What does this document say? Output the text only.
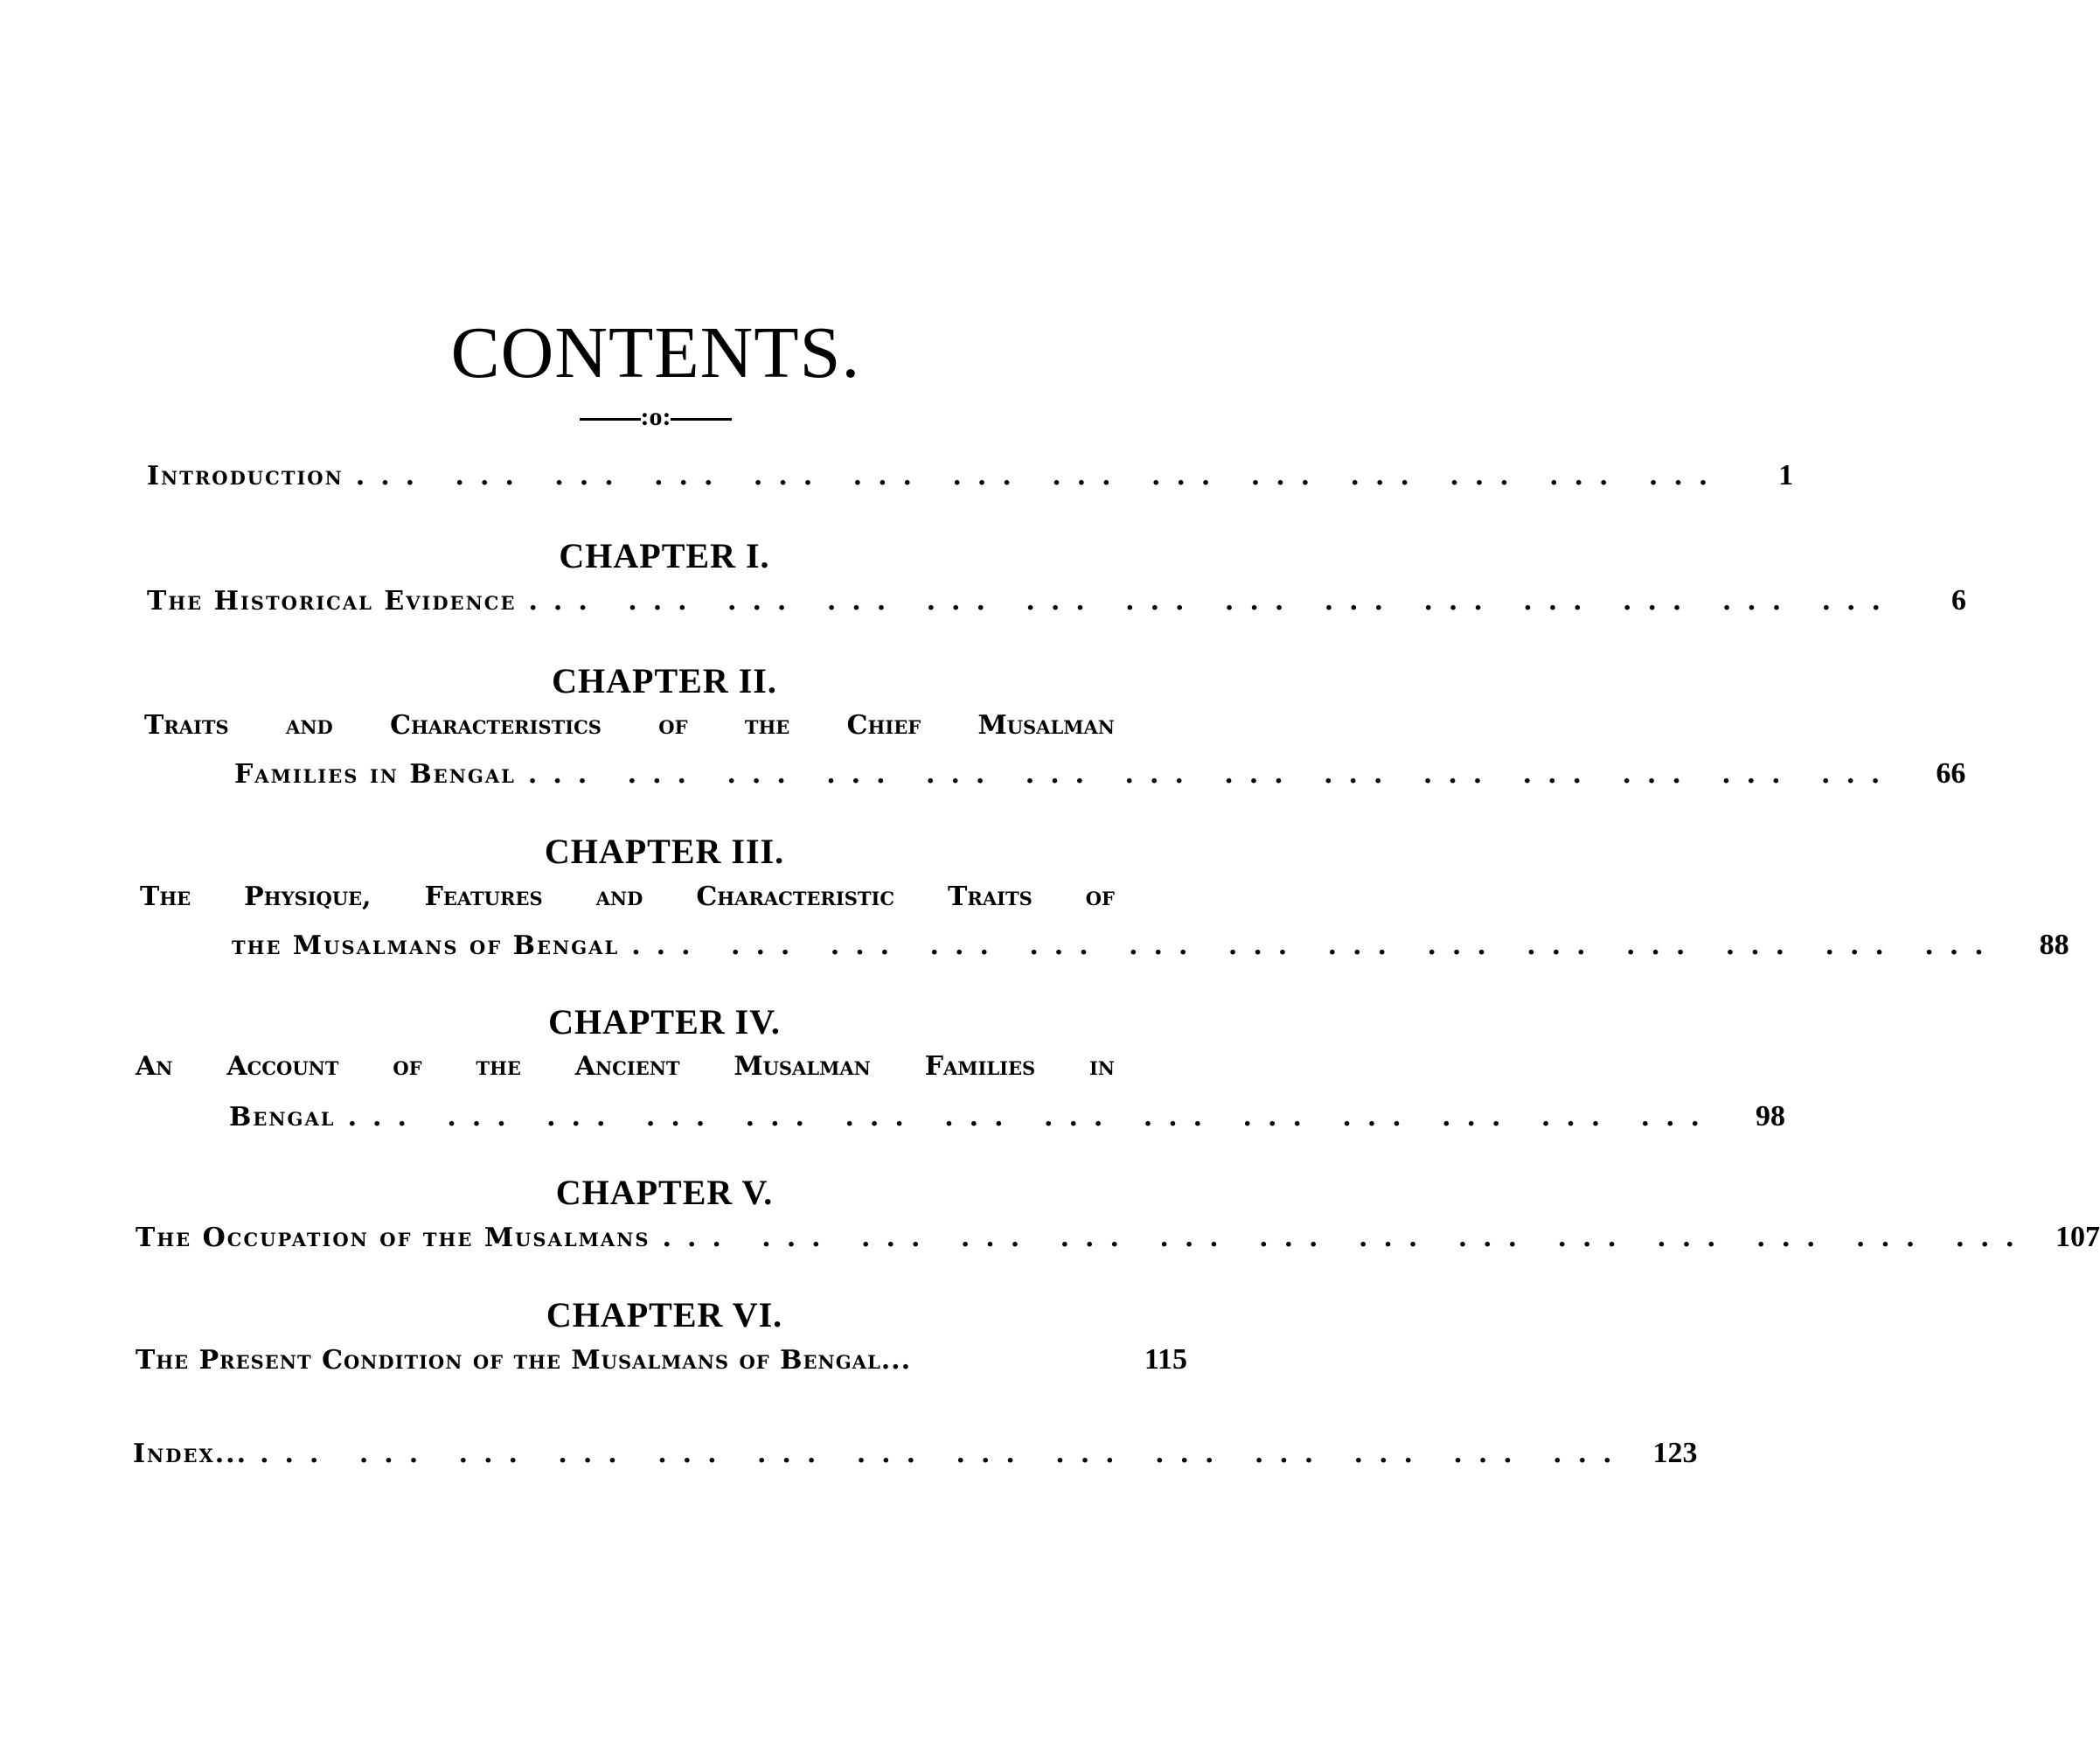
CONTENTS.
:o:
Introduction ... ... ... ... ... ... ... ... ... ... ... ... ... ...	1
CHAPTER I.
The Historical Evidence ... ... ... ... ... ... ... ... ... ... ... ... ... ...	6
CHAPTER II.
Traits and Characteristics of the Chief Musalman
Families in Bengal ... ... ... ... ... ... ... ... ... ... ... ... ... ...	66
CHAPTER III.
The Physique, Features and Characteristic Traits of
the Musalmans of Bengal ... ... ... ... ... ... ... ... ... ... ... ... ... ...	88
CHAPTER IV.
An Account of the Ancient Musalman Families in
Bengal ... ... ... ... ... ... ... ... ... ... ... ... ... ...	98
CHAPTER V.
The Occupation of the Musalmans ... ... ... ... ... ... ... ... ... ... ... ... ... ... 107
CHAPTER VI.
The Present Condition of the Musalmans of Bengal...	115
Index... ... ... ... ... ... ... ... ... ... ... ... ... ... ... 123
